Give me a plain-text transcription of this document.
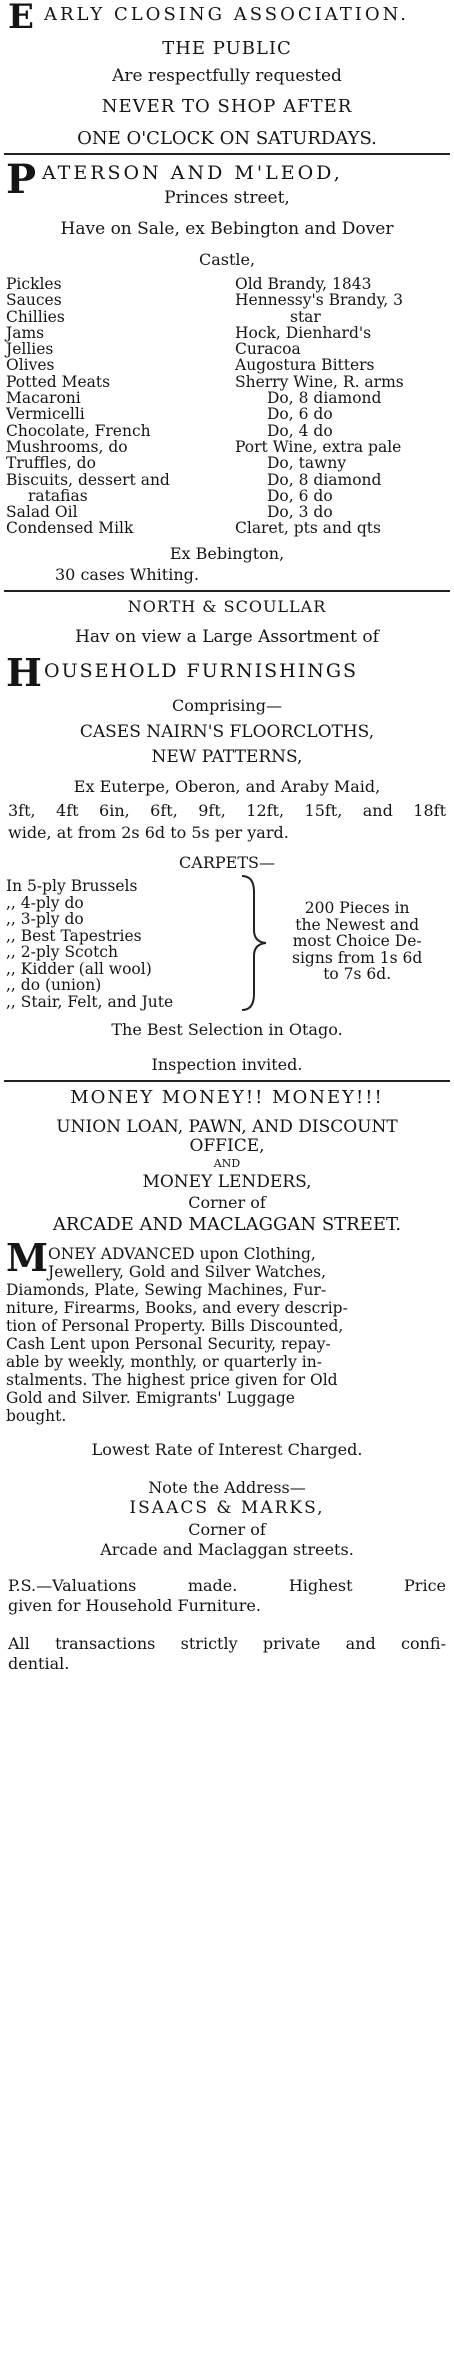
E ARLY CLOSING ASSOCIATION.
THE PUBLIC
Are respectfully requested
NEVER TO SHOP AFTER
ONE O'CLOCK ON SATURDAYS.
P ATERSON AND M'LEOD,
Princes street,
Have on Sale, ex Bebington and Dover
Castle,
Pickles
Sauces
Chillies
Jams
Jellies
Olives
Potted Meats
Macaroni
Vermicelli
Chocolate, French
Mushrooms, do
Truffles, do
Biscuits, dessert and
ratafias
Salad Oil
Condensed Milk
Old Brandy, 1843
Hennessy's Brandy, 3
star
Hock, Dienhard's
Curacoa
Augostura Bitters
Sherry Wine, R. arms
Do, 8 diamond
Do, 6 do
Do, 4 do
Port Wine, extra pale
Do, tawny
Do, 8 diamond
Do, 6 do
Do, 3 do
Claret, pts and qts
Ex Bebington,
30 cases Whiting.
NORTH & SCOULLAR
Hav on view a Large Assortment of
H OUSEHOLD FURNISHINGS
Comprising—
CASES NAIRN'S FLOORCLOTHS,
NEW PATTERNS,
Ex Euterpe, Oberon, and Araby Maid,
3ft, 4ft 6in, 6ft, 9ft, 12ft, 15ft, and 18ft
wide, at from 2s 6d to 5s per yard.
CARPETS—
In 5-ply Brussels
,, 4-ply do
,, 3-ply do
,, Best Tapestries
,, 2-ply Scotch
,, Kidder (all wool)
,, do (union)
,, Stair, Felt, and Jute
200 Pieces in
the Newest and
most Choice De-
signs from 1s 6d
to 7s 6d.
The Best Selection in Otago.
Inspection invited.
MONEY MONEY!! MONEY!!!
UNION LOAN, PAWN, AND DISCOUNT
OFFICE,
AND
MONEY LENDERS,
Corner of
ARCADE AND MACLAGGAN STREET.
M ONEY ADVANCED upon Clothing,
Jewellery, Gold and Silver Watches,
Diamonds, Plate, Sewing Machines, Fur-
niture, Firearms, Books, and every descrip-
tion of Personal Property. Bills Discounted,
Cash Lent upon Personal Security, repay-
able by weekly, monthly, or quarterly in-
stalments. The highest price given for Old
Gold and Silver. Emigrants' Luggage
bought.
Lowest Rate of Interest Charged.
Note the Address—
ISAACS & MARKS,
Corner of
Arcade and Maclaggan streets.
P.S.—Valuations made. Highest Price
given for Household Furniture.
All transactions strictly private and confi-
dential.
